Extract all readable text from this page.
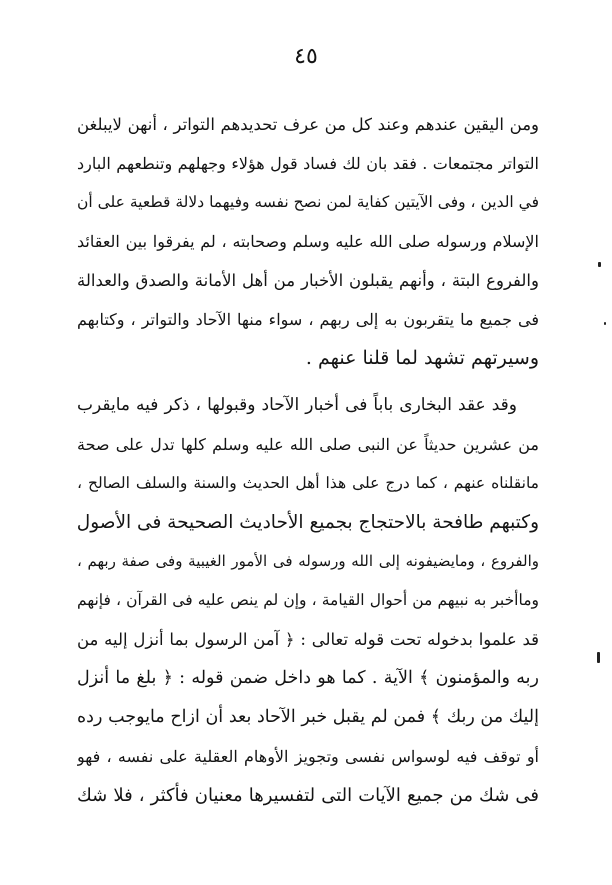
٤٥
ومن اليقين عندهم وعند كل من عرف تحديدهم التواتر ، أنهن لايبلغن
التواتر مجتمعات . فقد بان لك فساد قول هؤلاء وجهلهم وتنطعهم البارد
في الدين ، وفى الآيتين كفاية لمن نصح نفسه وفيهما دلالة قطعية على أن
الإسلام ورسوله صلى الله عليه وسلم وصحابته ، لم يفرقوا بين العقائد
والفروع البتة ، وأنهم يقبلون الأخبار من أهل الأمانة والصدق والعدالة
فى جميع ما يتقربون به إلى ربهم ، سواء منها الآحاد والتواتر ، وكتابهم
وسيرتهم تشهد لما قلنا عنهم .
وقد عقد البخارى باباً فى أخبار الآحاد وقبولها ، ذكر فيه مايقرب
من عشرين حديثاً عن النبى صلى الله عليه وسلم كلها تدل على صحة
مانقلناه عنهم ، كما درج على هذا أهل الحديث والسنة والسلف الصالح ،
وكتبهم طافحة بالاحتجاج بجميع الأحاديث الصحيحة فى الأصول
والفروع ، ومايضيفونه إلى الله ورسوله فى الأمور الغيبية وفى صفة ربهم ،
وماأخبر به نبيهم من أحوال القيامة ، وإن لم ينص عليه فى القرآن ، فإنهم
قد علموا بدخوله تحت قوله تعالى : ﴿ آمن الرسول بما أنزل إليه من
ربه والمؤمنون ﴾ الآية . كما هو داخل ضمن قوله : ﴿ بلغ ما أنزل
إليك من ربك ﴾ فمن لم يقبل خبر الآحاد بعد أن ازاح مايوجب رده
أو توقف فيه لوسواس نفسى وتجويز الأوهام العقلية على نفسه ، فهو
فى شك من جميع الآيات التى لتفسيرها معنيان فأكثر ، فلا شك
